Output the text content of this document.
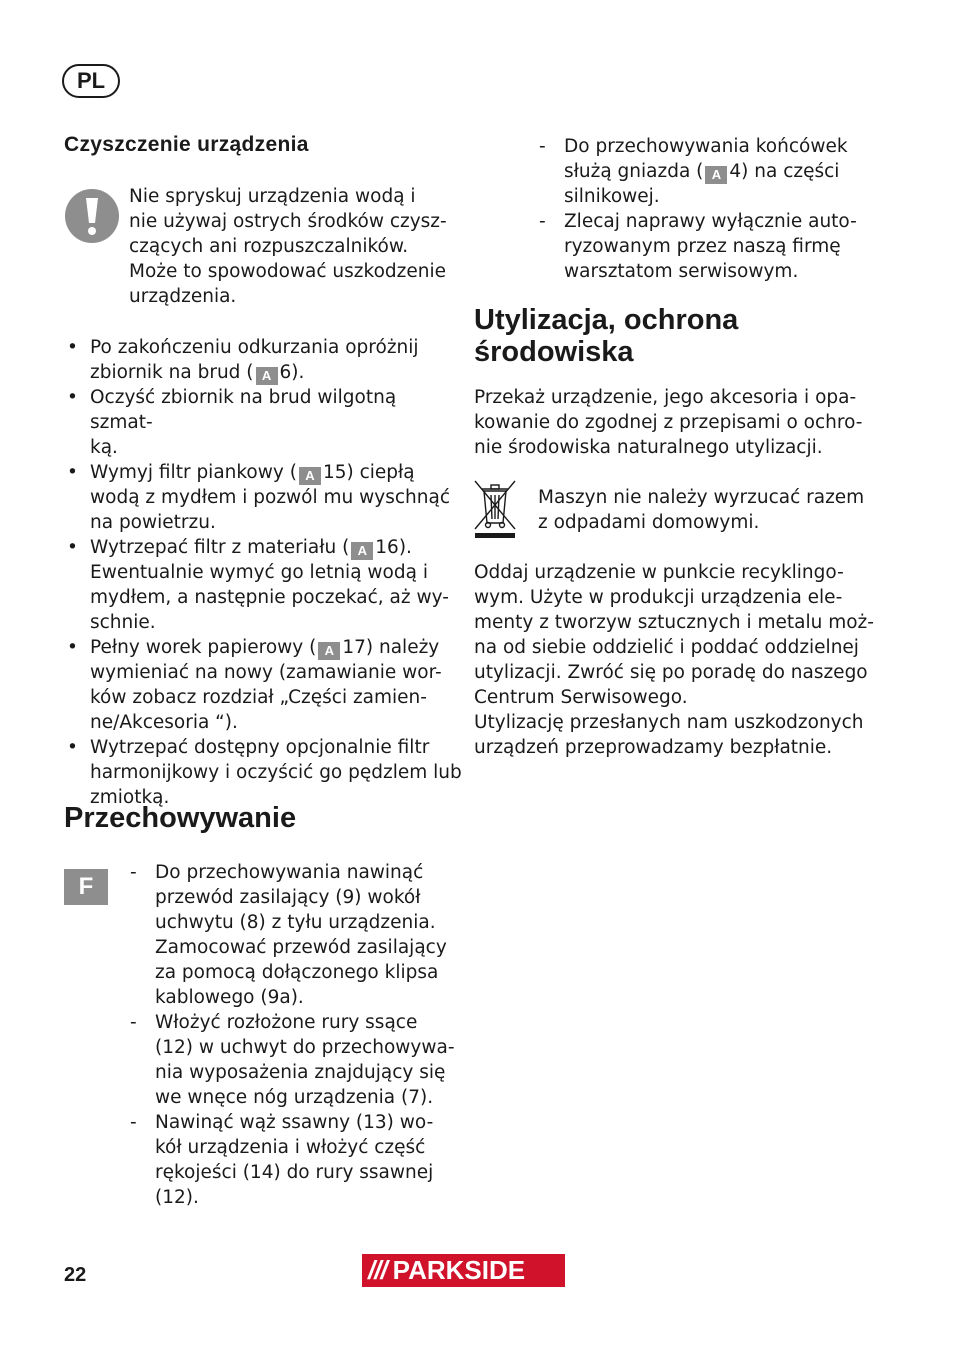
PL
Czyszczenie urządzenia
Nie spryskuj urządzenia wodą i
nie używaj ostrych środków czysz-
czących ani rozpuszczalników.
Może to spowodować uszkodzenie
urządzenia.
• Po zakończeniu odkurzania opróżnij
zbiornik na brud ( A 6).
• Oczyść zbiornik na brud wilgotną szmat-
ką.
• Wymyj filtr piankowy ( A 15) ciepłą
wodą z mydłem i pozwól mu wyschnąć
na powietrzu.
• Wytrzepać filtr z materiału ( A 16).
Ewentualnie wymyć go letnią wodą i
mydłem, a następnie poczekać, aż wy-
schnie.
• Pełny worek papierowy ( A 17) należy
wymieniać na nowy (zamawianie wor-
ków zobacz rozdział „Części zamien-
ne/Akcesoria “).
• Wytrzepać dostępny opcjonalnie filtr
harmonijkowy i oczyścić go pędzlem lub
zmiotką.
Przechowywanie
F
- Do przechowywania nawinąć
przewód zasilający (9) wokół
uchwytu (8) z tyłu urządzenia.
Zamocować przewód zasilający
za pomocą dołączonego klipsa
kablowego (9a).
- Włożyć rozłożone rury ssące
(12) w uchwyt do przechowywa-
nia wyposażenia znajdujący się
we wnęce nóg urządzenia (7).
- Nawinąć wąż ssawny (13) wo-
kół urządzenia i włożyć część
rękojeści (14) do rury ssawnej
(12).
- Do przechowywania końcówek
służą gniazda ( A 4) na części
silnikowej.
- Zlecaj naprawy wyłącznie auto-
ryzowanym przez naszą firmę
warsztatom serwisowym.
Utylizacja, ochrona
środowiska
Przekaż urządzenie, jego akcesoria i opa-
kowanie do zgodnej z przepisami o ochro-
nie środowiska naturalnego utylizacji.
Maszyn nie należy wyrzucać razem
z odpadami domowymi.
Oddaj urządzenie w punkcie recyklingo-
wym. Użyte w produkcji urządzenia ele-
menty z tworzyw sztucznych i metalu moż-
na od siebie oddzielić i poddać oddzielnej
utylizacji. Zwróć się po poradę do naszego
Centrum Serwisowego.
Utylizację przesłanych nam uszkodzonych
urządzeń przeprowadzamy bezpłatnie.
22	/// PARKSIDE
